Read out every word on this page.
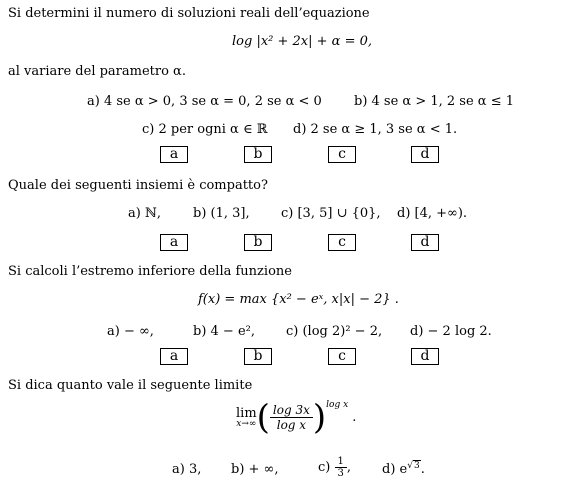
Si determini il numero di soluzioni reali dell’equazione
log |x² + 2x| + α = 0,
al variare del parametro α.
a) 4 se α > 0, 3 se α = 0, 2 se α < 0 b) 4 se α > 1, 2 se α ≤ 1
c) 2 per ogni α ∈ ℝ d) 2 se α ≥ 1, 3 se α < 1.
a	b	c	d
Quale dei seguenti insiemi è compatto?
a) ℕ, b) (1, 3], c) [3, 5] ∪ {0}, d) [4, +∞).
a	b	c	d
Si calcoli l’estremo inferiore della funzione
f(x) = max {x² − eˣ, x|x| − 2} .
a) − ∞,	b) 4 − e², c) (log 2)² − 2, d) − 2 log 2.
a	b	c	d
Si dica quanto vale il seguente limite
lim
x→∞ ( $\frac{\log 3x}{\text{log x}} )^{log x}$ .
a) 3, b) + ∞,	$c) \frac{1}{3}$ , d) $e^{√3}$.
